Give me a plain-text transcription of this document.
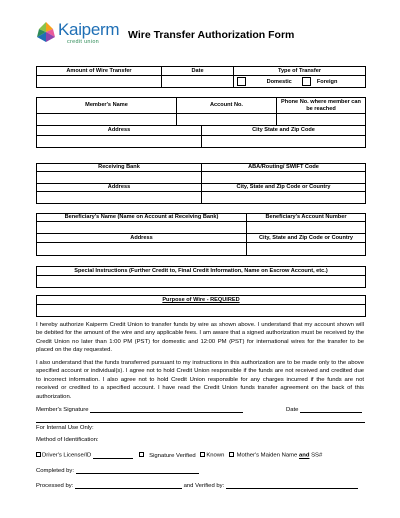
Kaiperm
credit union
Wire Transfer Authorization Form
Amount of Wire Transfer	Date	Type of Transfer
		Domestic Foreign
Member's Name	Account No.	Phone No. where member can be reached

Address	City State and Zip Code

Receiving Bank	ABA/Routing/ SWIFT Code

Address	City, State and Zip Code or Country

Beneficiary's Name (Name on Account at Receiving Bank)	Beneficiary's Account Number

Address	City, State and Zip Code or Country

Special Instructions (Further Credit to, Final Credit Information, Name on Escrow Account, etc.)

Purpose of Wire - REQUIRED

I hereby authorize Kaiperm Credit Union to transfer funds by wire as shown above. I understand that my account shown will be debited for the amount of the wire and any applicable fees. I am aware that a signed authorization must be received by the Credit Union no later than 1:00 PM (PST) for domestic and 12:00 PM (PST) for international wires for the transfer to be placed on the day requested.
I also understand that the funds transferred pursuant to my instructions in this authorization are to be made only to the above specified account or individual(s). I agree not to hold Credit Union responsible if the funds are not received and credited due to incorrect information. I also agree not to hold Credit Union responsible for any charges incurred if the funds are not received or credited to a specified account. I have read the Credit Union funds transfer agreement on the back of this authorization.
Member's Signature	Date
For Internal Use Only:
Method of Identification:
Driver's License/ID	Signature Verified Known Mother's Maiden Name and SS#
Completed by:
Processed by:	and Verified by:
